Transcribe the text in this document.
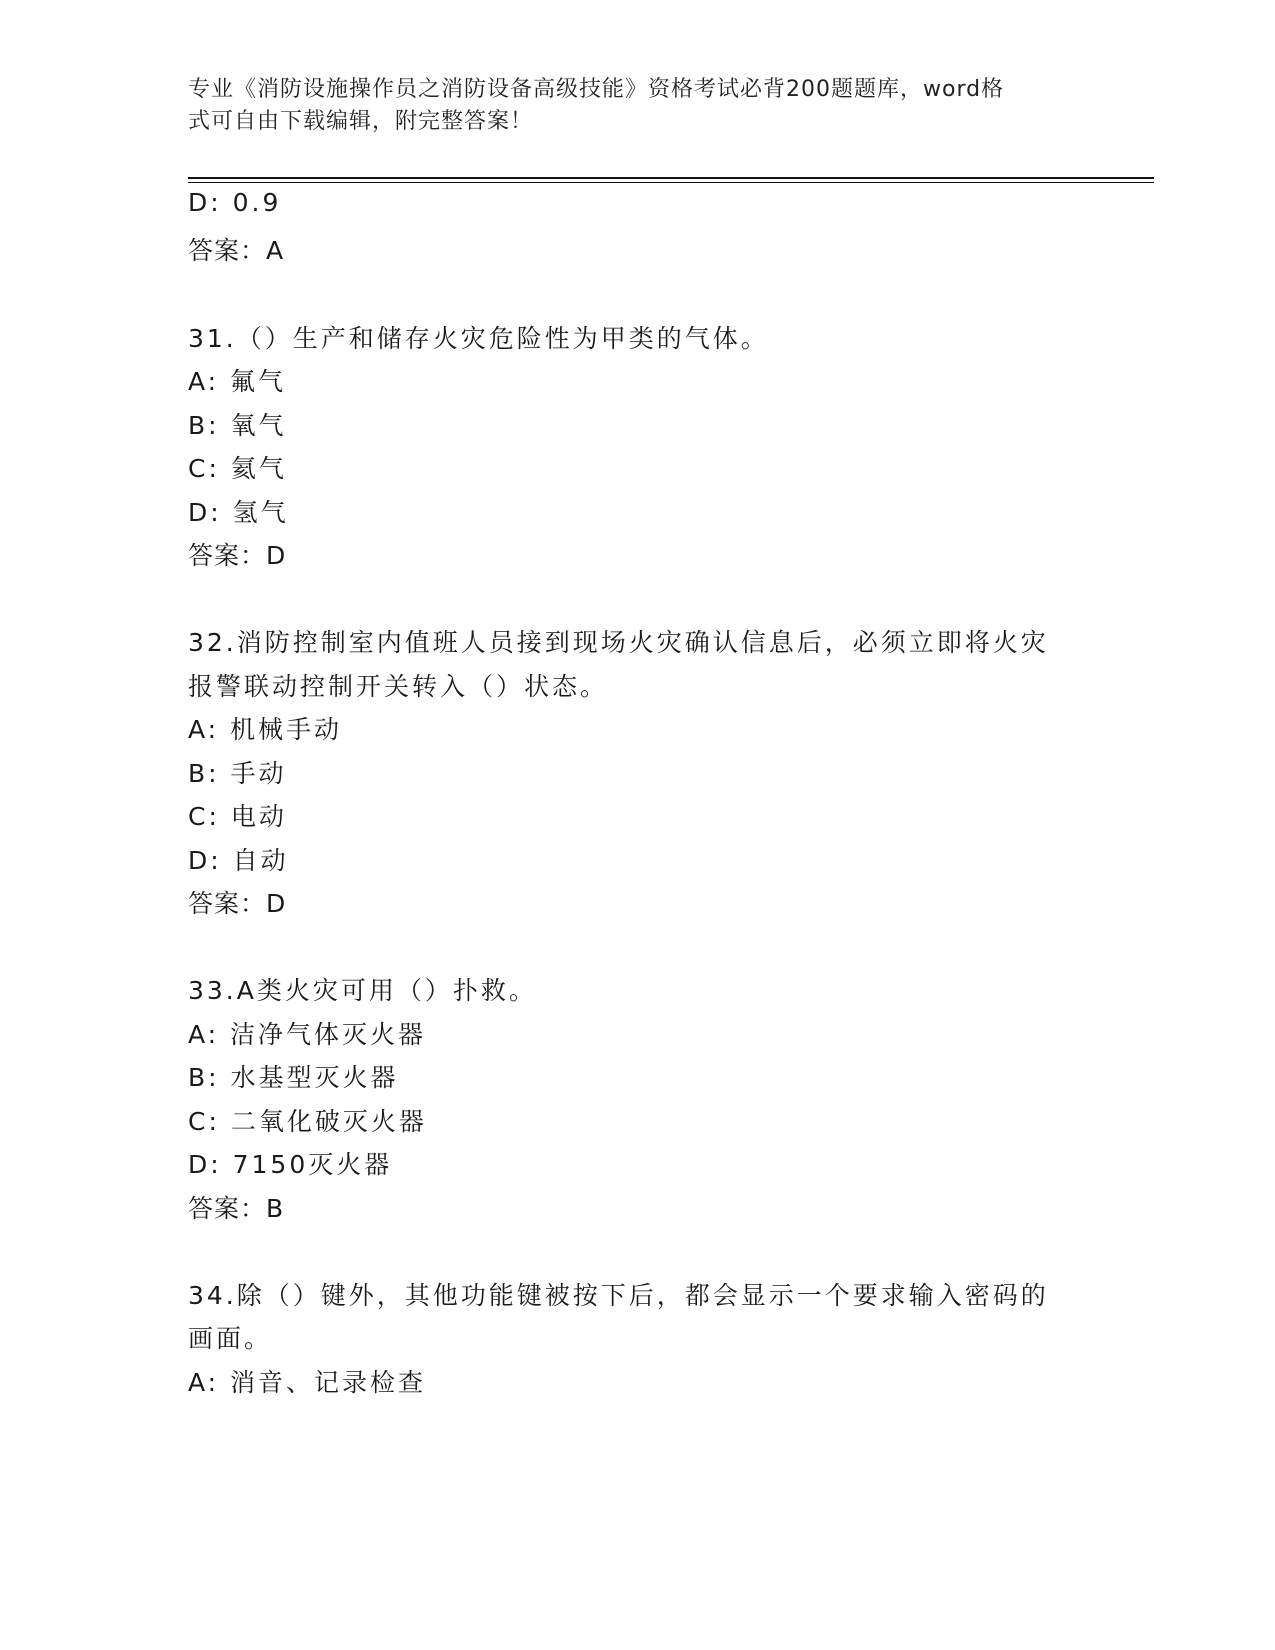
专业《消防设施操作员之消防设备高级技能》资格考试必背200题题库，word格
式可自由下载编辑，附完整答案！
D: 0.9
答案：A
31.（）生产和储存火灾危险性为甲类的气体。
A: 氟气
B: 氧气
C: 氦气
D: 氢气
答案：D
32.消防控制室内值班人员接到现场火灾确认信息后，必须立即将火灾
报警联动控制开关转入（）状态。
A: 机械手动
B: 手动
C: 电动
D: 自动
答案：D
33.A类火灾可用（）扑救。
A: 洁净气体灭火器
B: 水基型灭火器
C: 二氧化破灭火器
D: 7150灭火器
答案：B
34.除（）键外，其他功能键被按下后，都会显示一个要求输入密码的
画面。
A: 消音、记录检查
